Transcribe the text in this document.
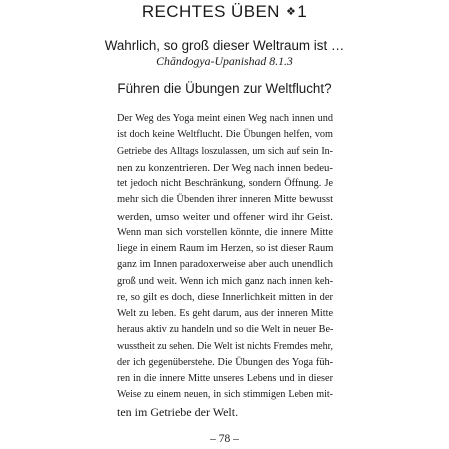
RECHTES ÜBEN ❖1
Wahrlich, so groß dieser Weltraum ist …
Chāndogya-Upanishad 8.1.3
Führen die Übungen zur Weltflucht?
Der Weg des Yoga meint einen Weg nach innen und
ist doch keine Weltflucht. Die Übungen helfen, vom
Getriebe des Alltags loszulassen, um sich auf sein In-
nen zu konzentrieren. Der Weg nach innen bedeu-
tet jedoch nicht Beschränkung, sondern Öffnung. Je
mehr sich die Übenden ihrer inneren Mitte bewusst
werden, umso weiter und offener wird ihr Geist.
Wenn man sich vorstellen könnte, die innere Mitte
liege in einem Raum im Herzen, so ist dieser Raum
ganz im Innen paradoxerweise aber auch unendlich
groß und weit. Wenn ich mich ganz nach innen keh-
re, so gilt es doch, diese Innerlichkeit mitten in der
Welt zu leben. Es geht darum, aus der inneren Mitte
heraus aktiv zu handeln und so die Welt in neuer Be-
wusstheit zu sehen. Die Welt ist nichts Fremdes mehr,
der ich gegenüberstehe. Die Übungen des Yoga füh-
ren in die innere Mitte unseres Lebens und in dieser
Weise zu einem neuen, in sich stimmigen Leben mit-
ten im Getriebe der Welt.
– 78 –
